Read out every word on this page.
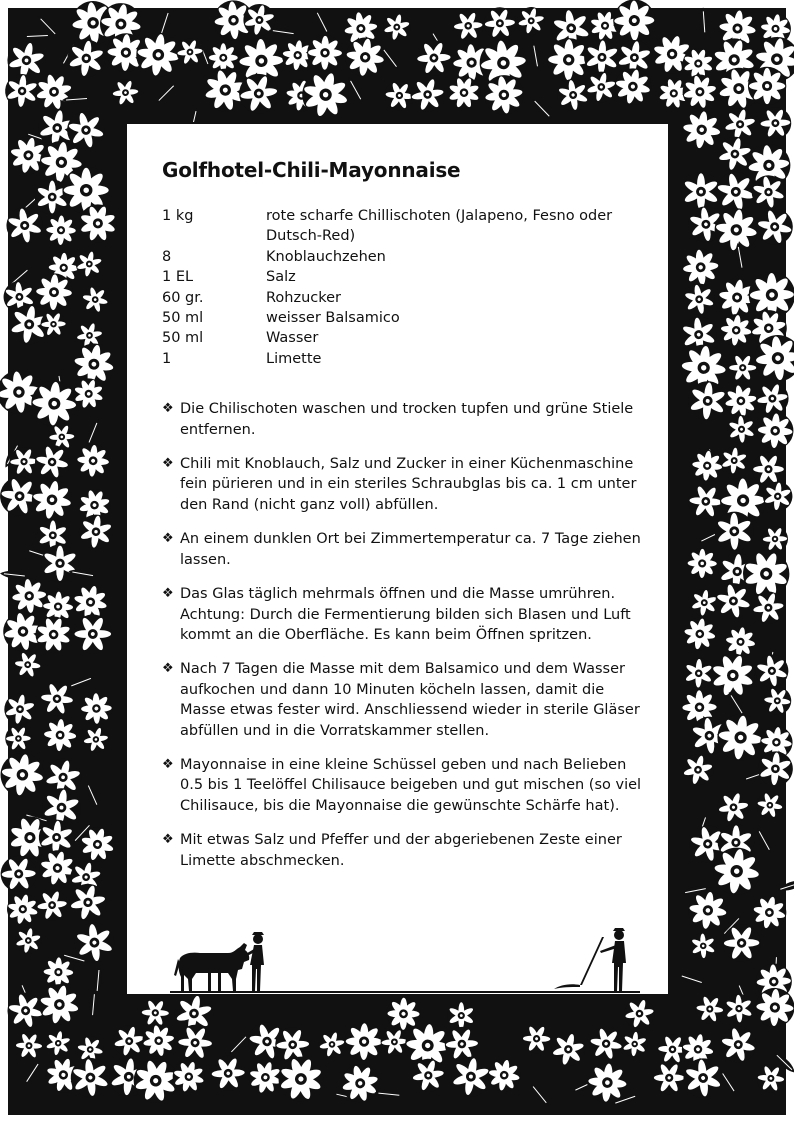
Golfhotel-Chili-Mayonnaise
1 kg	rote scharfe Chillischoten (Jalapeno, Fesno oder Dutsch-Red)
8	Knoblauchzehen
1 EL	Salz
60 gr.	Rohzucker
50 ml	weisser Balsamico
50 ml	Wasser
1	Limette
❖ Die Chilischoten waschen und trocken tupfen und grüne Stiele entfernen.
❖ Chili mit Knoblauch, Salz und Zucker in einer Küchenmaschine fein pürieren und in ein steriles Schraubglas bis ca. 1 cm unter den Rand (nicht ganz voll) abfüllen.
❖ An einem dunklen Ort bei Zimmertemperatur ca. 7 Tage ziehen lassen.
❖ Das Glas täglich mehrmals öffnen und die Masse umrühren. Achtung: Durch die Fermentierung bilden sich Blasen und Luft kommt an die Oberfläche. Es kann beim Öffnen spritzen.
❖ Nach 7 Tagen die Masse mit dem Balsamico und dem Wasser aufkochen und dann 10 Minuten köcheln lassen, damit die Masse etwas fester wird. Anschliessend wieder in sterile Gläser abfüllen und in die Vorratskammer stellen.
❖ Mayonnaise in eine kleine Schüssel geben und nach Belieben 0.5 bis 1 Teelöffel Chilisauce beigeben und gut mischen (so viel Chilisauce, bis die Mayonnaise die gewünschte Schärfe hat).
❖ Mit etwas Salz und Pfeffer und der abgeriebenen Zeste einer Limette abschmecken.
